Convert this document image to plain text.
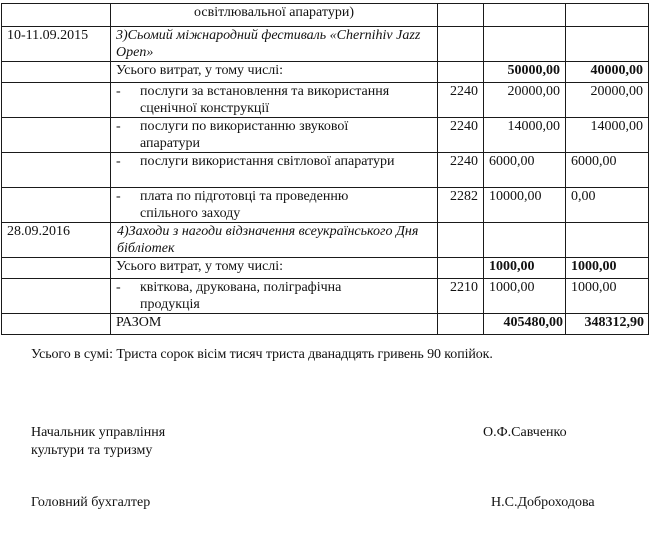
	освітлювальної апаратури)			
10-11.09.2015	3)Сьомий міжнародний фестиваль «Chernihiv Jazz Open»			
	Усього витрат, у тому числі:		50000,00	40000,00
	- послуги за встановлення та використання сценічної конструкції	2240	20000,00	20000,00
	- послуги по використанню звукової апаратури	2240	14000,00	14000,00
	- послуги використання світлової апаратури	2240	6000,00	6000,00
	- плата по підготовці та проведенню спільного заходу	2282	10000,00	0,00
28.09.2016	4)Заходи з нагоди відзначення всеукраїнського Дня бібліотек			
	Усього витрат, у тому числі:		1000,00	1000,00
	- квіткова, друкована, поліграфічна продукція	2210	1000,00	1000,00
	РАЗОМ		405480,00	348312,90
Усього в сумі: Триста сорок вісім тисяч триста дванадцять гривень 90 копійок.
Начальник управління
культури та туризму
О.Ф.Савченко
Головний бухгалтер	Н.С.Доброходова
